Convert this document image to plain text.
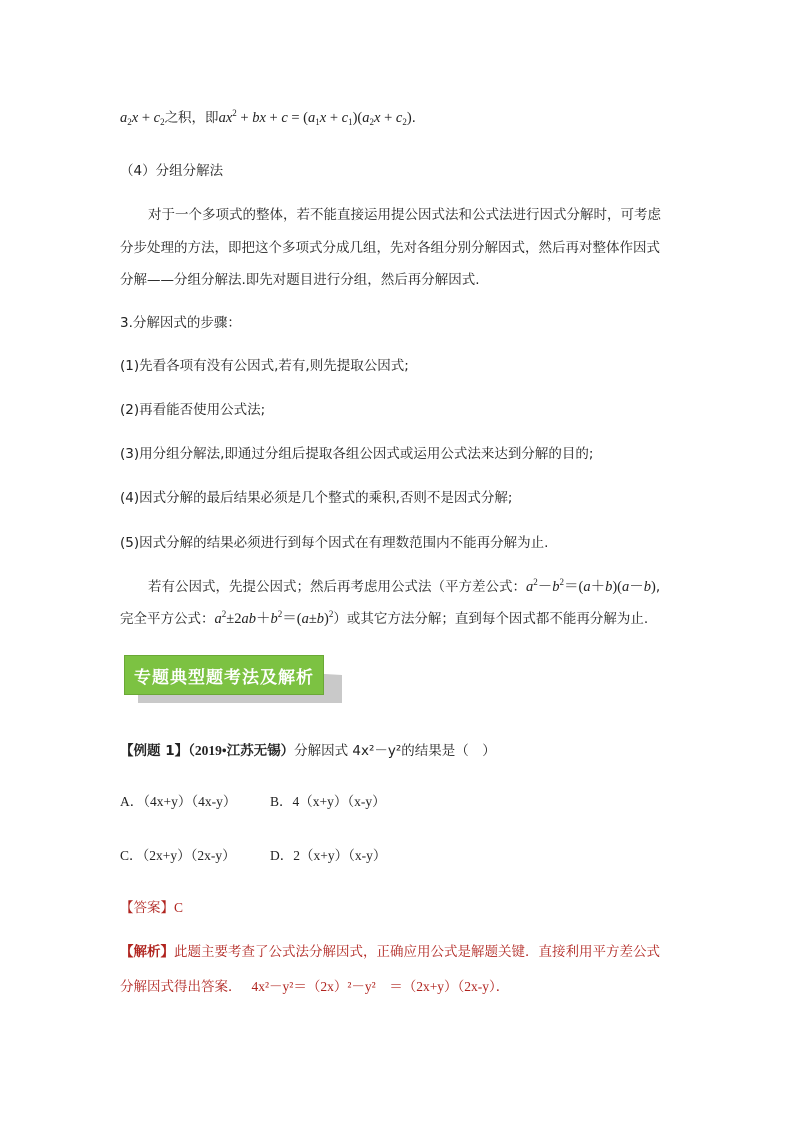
$a_2x + c_2$之积，即$ax^2$ + bx + $c = (a_1x + c_1)(a_2x + c_2)$.
（4）分组分解法
对于一个多项式的整体，若不能直接运用提公因式法和公式法进行因式分解时，可考虑
分步处理的方法，即把这个多项式分成几组，先对各组分别分解因式，然后再对整体作因式
分解——分组分解法.即先对题目进行分组，然后再分解因式.
3.分解因式的步骤：
(1)先看各项有没有公因式,若有,则先提取公因式;
(2)再看能否使用公式法;
(3)用分组分解法,即通过分组后提取各组公因式或运用公式法来达到分解的目的;
(4)因式分解的最后结果必须是几个整式的乘积,否则不是因式分解;
(5)因式分解的结果必须进行到每个因式在有理数范围内不能再分解为止.
若有公因式，先提公因式；然后再考虑用公式法（平方差公式：$a^2-b^2=(a+b)(a-b)$,
完全平方公式：$a^2\pm 2ab+b^2=(a\pm b)^2$）或其它方法分解；直到每个因式都不能再分解为止.
专题典型题考法及解析
【例题 1】（2019•江苏无锡）分解因式 4x²－y²的结果是（　）
A．（4x+y）（4x-y） B．4（x+y）（x-y）
C．（2x+y）（2x-y）	D．2（x+y）（x-y）
【答案】C
【解析】此题主要考查了公式法分解因式，正确应用公式是解题关键．直接利用平方差公式
分解因式得出答案． 4x²－y²＝（2x）²－y²　＝（2x+y）（2x-y）．
